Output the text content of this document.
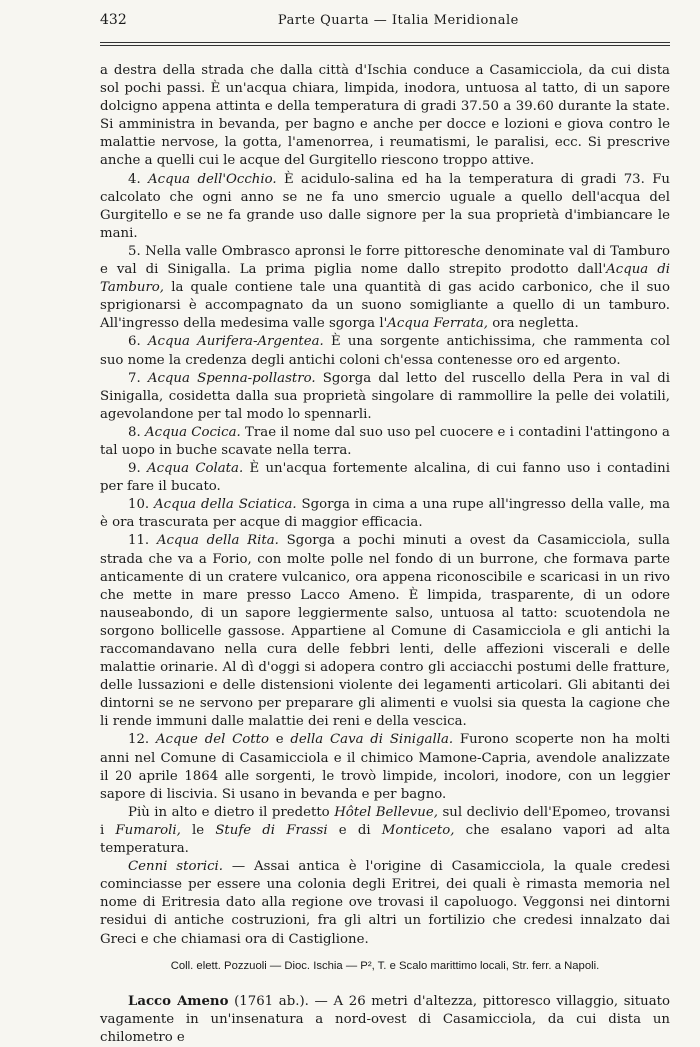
432	Parte Quarta — Italia Meridionale

a destra della strada che dalla città d'Ischia conduce a Casamicciola, da cui dista sol pochi passi. È un'acqua chiara, limpida, inodora, untuosa al tatto, di un sapore dolcigno appena attinta e della temperatura di gradi 37.50 a 39.60 durante la state. Si amministra in bevanda, per bagno e anche per docce e lozioni e giova contro le malattie nervose, la gotta, l'amenorrea, i reumatismi, le paralisi, ecc. Si prescrive anche a quelli cui le acque del Gurgitello riescono troppo attive.

4. Acqua dell'Occhio. È acidulo-salina ed ha la temperatura di gradi 73. Fu calcolato che ogni anno se ne fa uno smercio uguale a quello dell'acqua del Gurgitello e se ne fa grande uso dalle signore per la sua proprietà d'imbiancare le mani.

5. Nella valle Ombrasco apronsi le forre pittoresche denominate val di Tamburo e val di Sinigalla. La prima piglia nome dallo strepito prodotto dall'Acqua di Tamburo, la quale contiene tale una quantità di gas acido carbonico, che il suo sprigionarsi è accompagnato da un suono somigliante a quello di un tamburo. All'ingresso della medesima valle sgorga l'Acqua Ferrata, ora negletta.

6. Acqua Aurifera-Argentea. È una sorgente antichissima, che rammenta col suo nome la credenza degli antichi coloni ch'essa contenesse oro ed argento.

7. Acqua Spenna-pollastro. Sgorga dal letto del ruscello della Pera in val di Sinigalla, cosidetta dalla sua proprietà singolare di rammollire la pelle dei volatili, agevolandone per tal modo lo spennarli.

8. Acqua Cocica. Trae il nome dal suo uso pel cuocere e i contadini l'attingono a tal uopo in buche scavate nella terra.

9. Acqua Colata. È un'acqua fortemente alcalina, di cui fanno uso i contadini per fare il bucato.

10. Acqua della Sciatica. Sgorga in cima a una rupe all'ingresso della valle, ma è ora trascurata per acque di maggior efficacia.

11. Acqua della Rita. Sgorga a pochi minuti a ovest da Casamicciola, sulla strada che va a Forio, con molte polle nel fondo di un burrone, che formava parte anticamente di un cratere vulcanico, ora appena riconoscibile e scaricasi in un rivo che mette in mare presso Lacco Ameno. È limpida, trasparente, di un odore nauseabondo, di un sapore leggiermente salso, untuosa al tatto: scuotendola ne sorgono bollicelle gassose. Appartiene al Comune di Casamicciola e gli antichi la raccomandavano nella cura delle febbri lenti, delle affezioni viscerali e delle malattie orinarie. Al dì d'oggi si adopera contro gli acciacchi postumi delle fratture, delle lussazioni e delle distensioni violente dei legamenti articolari. Gli abitanti dei dintorni se ne servono per preparare gli alimenti e vuolsi sia questa la cagione che li rende immuni dalle malattie dei reni e della vescica.

12. Acque del Cotto e della Cava di Sinigalla. Furono scoperte non ha molti anni nel Comune di Casamicciola e il chimico Mamone-Capria, avendole analizzate il 20 aprile 1864 alle sorgenti, le trovò limpide, incolori, inodore, con un leggier sapore di liscivia. Si usano in bevanda e per bagno.

Più in alto e dietro il predetto Hôtel Bellevue, sul declivio dell'Epomeo, trovansi i Fumaroli, le Stufe di Frassi e di Monticeto, che esalano vapori ad alta temperatura.

Cenni storici. — Assai antica è l'origine di Casamicciola, la quale credesi cominciasse per essere una colonia degli Eritrei, dei quali è rimasta memoria nel nome di Eritresia dato alla regione ove trovasi il capoluogo. Veggonsi nei dintorni residui di antiche costruzioni, fra gli altri un fortilizio che credesi innalzato dai Greci e che chiamasi ora di Castiglione.

Coll. elett. Pozzuoli — Dioc. Ischia — P², T. e Scalo marittimo locali, Str. ferr. a Napoli.

Lacco Ameno (1761 ab.). — A 26 metri d'altezza, pittoresco villaggio, situato vagamente in un'insenatura a nord-ovest di Casamicciola, da cui dista un chilometro e
